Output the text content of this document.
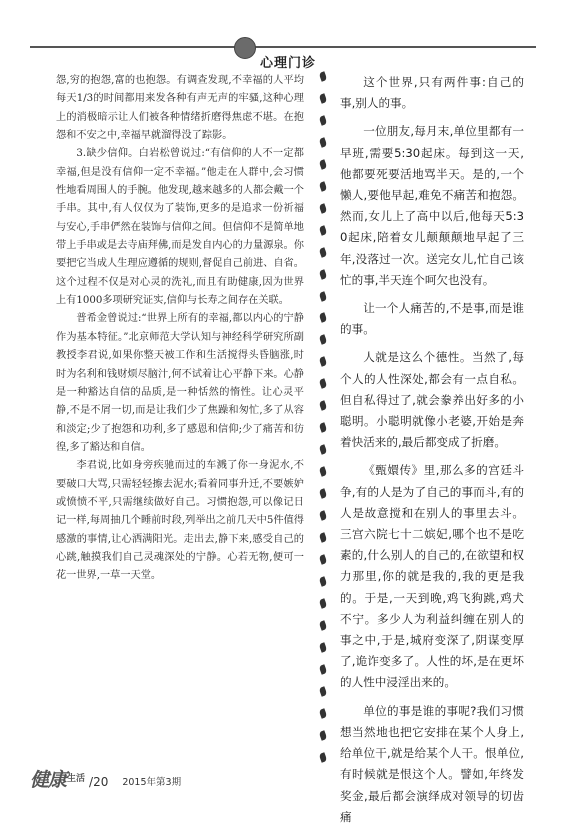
心理门诊

怨,穷的抱怨,富的也抱怨。有调查发现,不幸福的人平均每天1/3的时间都用来发各种有声无声的牢骚,这种心理上的消极暗示让人们被各种情绪折磨得焦虑不堪。在抱怨和不安之中,幸福早就溜得没了踪影。

3.缺少信仰。白岩松曾说过:“有信仰的人不一定都幸福,但是没有信仰一定不幸福。”他走在人群中,会习惯性地看周围人的手腕。他发现,越来越多的人都会戴一个手串。其中,有人仅仅为了装饰,更多的是追求一份祈福与安心,手串俨然在装饰与信仰之间。但信仰不是简单地带上手串或是去寺庙拜佛,而是发自内心的力量源泉。你要把它当成人生理应遵循的规则,督促自己前进、自省。这个过程不仅是对心灵的洗礼,而且有助健康,因为世界上有1000多项研究证实,信仰与长寿之间存在关联。

普希金曾说过:“世界上所有的幸福,都以内心的宁静作为基本特征。”北京师范大学认知与神经科学研究所副教授李君说,如果你整天被工作和生活搅得头昏脑涨,时时为名利和钱财烦尽脑汁,何不试着让心平静下来。心静是一种豁达自信的品质,是一种恬然的惰性。让心灵平静,不是不屑一切,而是让我们少了焦躁和匆忙,多了从容和淡定;少了抱怨和功利,多了感恩和信仰;少了痛苦和彷徨,多了豁达和自信。

李君说,比如身旁疾驰而过的车溅了你一身泥水,不要破口大骂,只需轻轻擦去泥水;看着同事升迁,不要嫉妒或愤愤不平,只需继续做好自己。习惯抱怨,可以像记日记一样,每周抽几个睡前时段,列举出之前几天中5件值得感激的事情,让心洒满阳光。走出去,静下来,感受自己的心跳,触摸我们自己灵魂深处的宁静。心若无物,便可一花一世界,一草一天堂。

这个世界,只有两件事:自己的事,别人的事。

一位朋友,每月末,单位里都有一早班,需要5:30起床。每到这一天,他都要死要活地骂半天。是的,一个懒人,要他早起,难免不痛苦和抱怨。然而,女儿上了高中以后,他每天5:30起床,陪着女儿颠颠颠地早起了三年,没落过一次。送完女儿,忙自己该忙的事,半天连个呵欠也没有。

让一个人痛苦的,不是事,而是谁的事。

人就是这么个德性。当然了,每个人的人性深处,都会有一点自私。但自私得过了,就会豢养出好多的小聪明。小聪明就像小老婆,开始是奔着快活来的,最后都变成了折磨。

《甄嬛传》里,那么多的宫廷斗争,有的人是为了自己的事而斗,有的人是故意搅和在别人的事里去斗。三宫六院七十二嫔妃,哪个也不是吃素的,什么别人的自己的,在欲望和权力那里,你的就是我的,我的更是我的。于是,一天到晚,鸡飞狗跳,鸡犬不宁。多少人为利益纠缠在别人的事之中,于是,城府变深了,阴谋变厚了,诡诈变多了。人性的坏,是在更坏的人性中浸淫出来的。

单位的事是谁的事呢?我们习惯想当然地也把它安排在某个人身上,给单位干,就是给某个人干。恨单位,有时候就是恨这个人。譬如,年终发奖金,最后都会演绎成对领导的切齿痛

健康 生活 /20 2015年第3期
